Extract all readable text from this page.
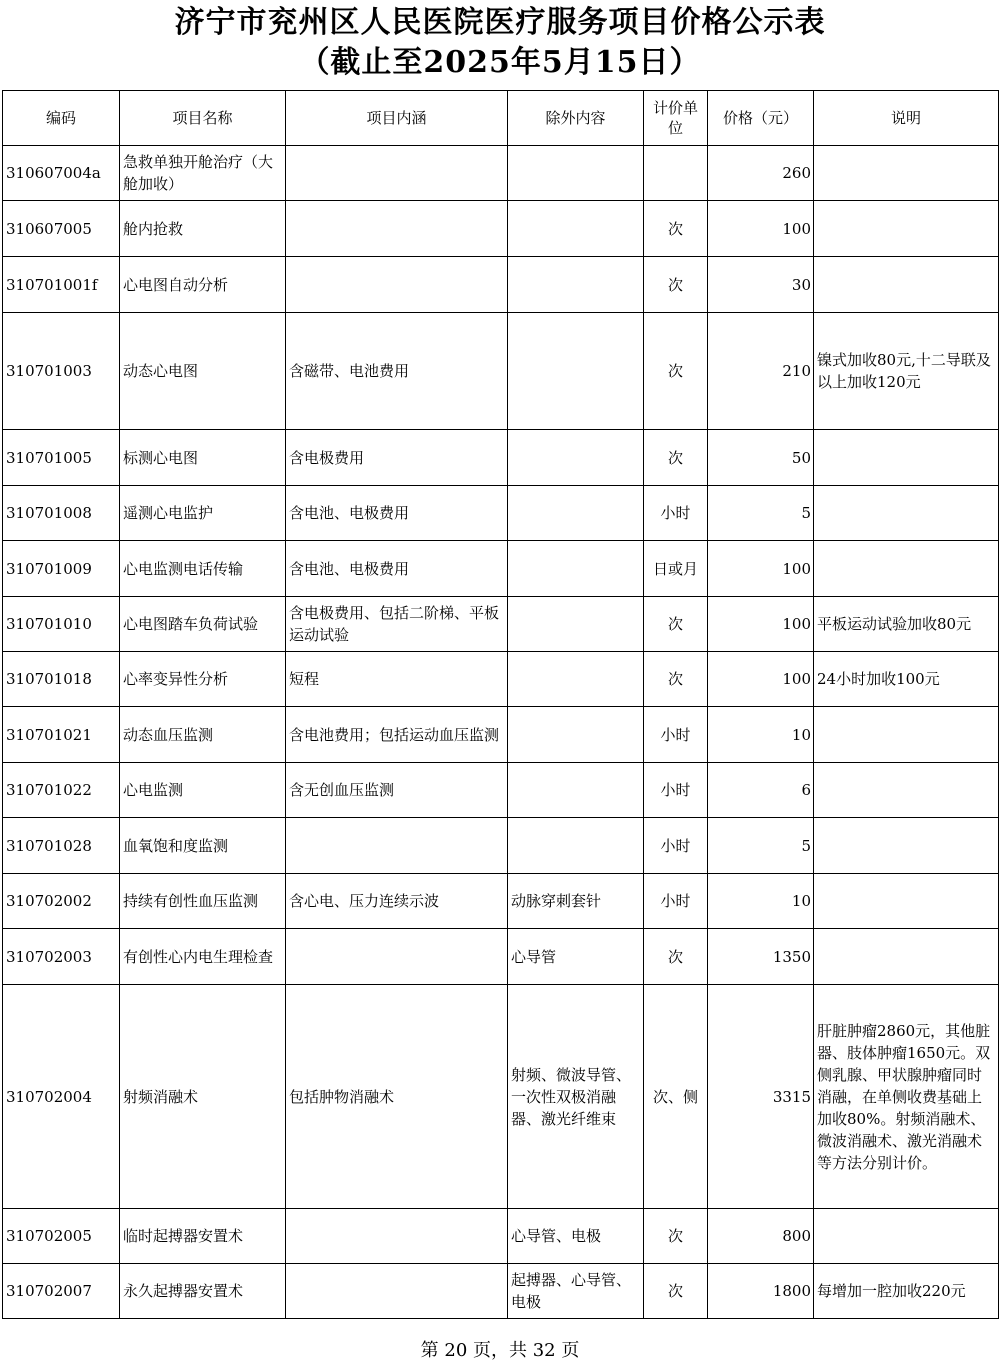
济宁市兖州区人民医院医疗服务项目价格公示表
（截止至2025年5月15日）
编码	项目名称	项目内涵	除外内容	计价单位	价格（元）	说明
310607004a	急救单独开舱治疗（大舱加收）				260	
310607005	舱内抢救			次	100	
310701001f	心电图自动分析			次	30	
310701003	动态心电图	含磁带、电池费用		次	210	镍式加收80元,十二导联及以上加收120元
310701005	标测心电图	含电极费用		次	50	
310701008	遥测心电监护	含电池、电极费用		小时	5	
310701009	心电监测电话传输	含电池、电极费用		日或月	100	
310701010	心电图踏车负荷试验	含电极费用、包括二阶梯、平板运动试验		次	100	平板运动试验加收80元
310701018	心率变异性分析	短程		次	100	24小时加收100元
310701021	动态血压监测	含电池费用；包括运动血压监测		小时	10	
310701022	心电监测	含无创血压监测		小时	6	
310701028	血氧饱和度监测			小时	5	
310702002	持续有创性血压监测	含心电、压力连续示波	动脉穿刺套针	小时	10	
310702003	有创性心内电生理检查		心导管	次	1350	
310702004	射频消融术	包括肿物消融术	射频、微波导管、一次性双极消融器、激光纤维束	次、侧	3315	肝脏肿瘤2860元，其他脏器、肢体肿瘤1650元。双侧乳腺、甲状腺肿瘤同时消融，在单侧收费基础上加收80%。射频消融术、微波消融术、激光消融术等方法分别计价。
310702005	临时起搏器安置术		心导管、电极	次	800	
310702007	永久起搏器安置术		起搏器、心导管、电极	次	1800	每增加一腔加收220元
第 20 页，共 32 页
